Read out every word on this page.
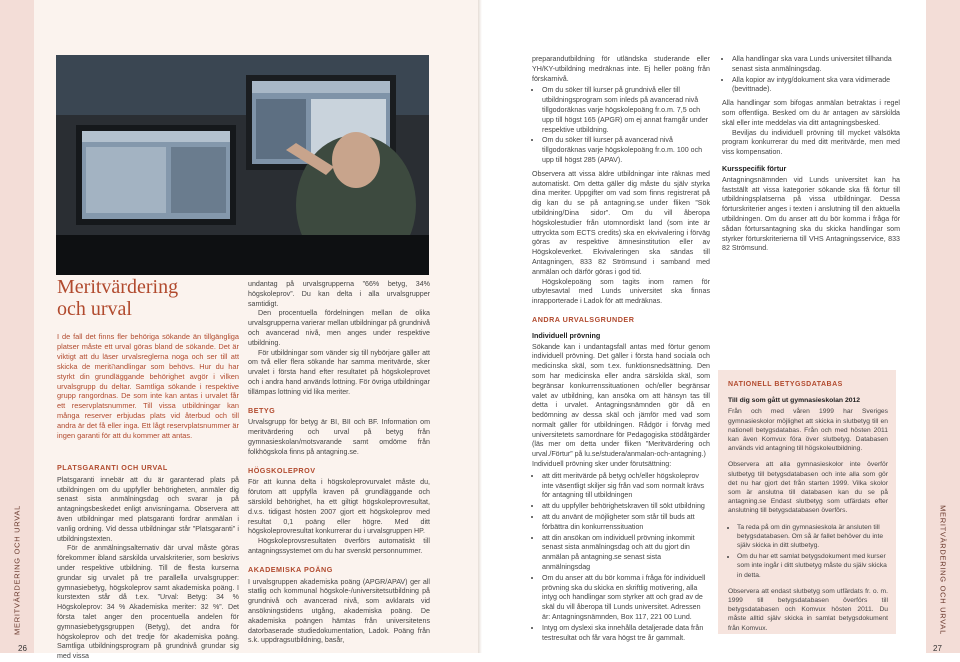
MERITVÄRDERING OCH URVAL	MERITVÄRDERING OCH URVAL
26	27
Meritvärdering
och urval
I de fall det finns fler behöriga sökande än tillgängliga platser måste ett urval göras bland de sökande. Det är viktigt att du läser urvalsreglerna noga och ser till att skicka de meritהandlingar som behövs. Hur du har styrkt din grundläggande behörighet avgör i vilken urvalsgrupp du deltar. Samtliga sökande i respektive grupp rangordnas. De som inte kan antas i urvalet får ett reservplatsnummer. Till vissa utbildningar kan många reserver erbjudas plats vid återbud och till andra är det få eller inga. Ett lågt reservplatsnummer är ingen garanti för att du kommer att antas.
PLATSGARANTI OCH URVAL

Platsgaranti innebär att du är garanterad plats på utbildningen om du uppfyller behörigheten, anmäler dig senast sista anmälningsdag och svarar ja på antagningsbeskedet enligt anvisningarna. Observera att även utbildningar med platsgaranti fordrar anmälan i vanlig ordning. Vid dessa utbildningar står ”Platsgaranti” i utbildningstexten.

För de anmälningsalternativ där urval måste göras förekommer ibland särskilda urvalskriterier, som beskrivs under respektive utbildning. Till de flesta kurserna grundar sig urvalet på tre parallella urvalsgrupper: gymnasiebetyg, högskoleprov samt akademiska poäng. I kurstexten står då t.ex. ”Urval: Betyg: 34 % Högskoleprov: 34 % Akademiska meriter: 32 %”. Det första talet anger den procentuella andelen för gymnasiebetygsgruppen (Betyg), det andra för högskoleprov och det tredje för akademiska poäng. Samtliga utbildningsprogram på grundnivå grundar sig med vissa

undantag på urvalsgrupperna ”66% betyg, 34% högskoleprov”. Du kan delta i alla urvalsgrupper samtidigt.

Den procentuella fördelningen mellan de olika urvalsgrupperna varierar mellan utbildningar på grundnivå och avancerad nivå, men anges under respektive utbildning.

För utbildningar som vänder sig till nybörjare gäller att om två eller flera sökande har samma meritvärde, sker urvalet i första hand efter resultatet på högskoleprovet och i andra hand används lottning. För övriga utbildningar tillämpas lottning vid lika meriter.

BETYG

Urvalsgrupp för betyg är BI, BII och BF. Information om meritvärdering och urval på betyg från gymnasieskolan/motsvarande samt omdöme från folkhögskola finns på antagning.se.

HÖGSKOLEPROV

För att kunna delta i högskoleprovurvalet måste du, förutom att uppfylla kraven på grundläggande och särskild behörighet, ha ett giltigt högskoleprovresultat, d.v.s. tidigast hösten 2007 gjort ett högskoleprov med resultat 0,1 poäng eller högre. Med ditt högskoleprovresultat konkurrerar du i urvalsgruppen HP.

Högskoleprovsresultaten överförs automatiskt till antagningssystemet om du har svenskt personnummer.

AKADEMISKA POÄNG

I urvalsgruppen akademiska poäng (APGR/APAV) ger all statlig och kommunal högskole-/universitetsutbildning på grundnivå och avancerad nivå, som avklarats vid ansökningstidens utgång, akademiska poäng. De akademiska poängen hämtas från universitetens datorbaserade studiedokumentation, Ladok. Poäng från s.k. uppdragsutbildning, basår,

preparandutbildning för utländska studerande eller YH/KY-utbildning medräknas inte. Ej heller poäng från förskarnivå.

• Om du söker till kurser på grundnivå eller till utbildningsprogram som inleds på avancerad nivå tillgodoräknas varje högskolepoäng fr.o.m. 7,5 och upp till högst 165 (APGR) om ej annat framgår under respektive utbildning.
• Om du söker till kurser på avancerad nivå tillgodoräknas varje högskolepoäng fr.o.m. 100 och upp till högst 285 (APAV).

Observera att vissa äldre utbildningar inte räknas med automatiskt. Om detta gäller dig måste du själv styrka dina meriter. Uppgifter om vad som finns registrerat på dig kan du se på antagning.se under fliken ”Sök utbildning/Dina sidor”. Om du vill åberopa högskolestudier från utomnordiskt land (som inte är uttryckta som ECTS credits) ska en ekvivalering i förväg göras av respektive ämnesinstitution eller av Högskoleverket. Ekvivaleringen ska sändas till Antagningen, 833 82 Strömsund i samband med anmälan och därför göras i god tid.

Högskolepoäng som tagits inom ramen för utbytesavtal med Lunds universitet ska finnas inrapporterade i Ladok för att medräknas.

ANDRA URVALSGRUNDER
Individuell prövning

Sökande kan i undantagsfall antas med förtur genom individuell prövning. Det gäller i första hand sociala och medicinska skäl, som t.ex. funktionsnedsättning. Den som har medicinska eller andra särskilda skäl, som begränsar konkurrenssituationen och/eller begränsar valet av utbildning, kan ansöka om att hänsyn tas till detta i urvalet. Antagningsnämnden gör då en bedömning av dessa skäl och jämför med vad som normalt gäller för utbildningen. Rådgör i förväg med universitetets samordnare för Pedagogiska stödåtgärder (läs mer om detta under fliken ”Meritvärdering och urval./Förtur” på lu.se/studera/anmalan-och-antagning.)

Individuell prövning sker under förutsättning:

• att ditt meritvärde på betyg och/eller högskoleprov inte väsentligt skiljer sig från vad som normalt krävs för antagning till utbildningen
• att du uppfyller behörighetskraven till sökt utbildning
• att du använt de möjligheter som står till buds att förbättra din konkurrenssituation
• att din ansökan om individuell prövning inkommit senast sista anmälningsdag och att du gjort din anmälan på antagning.se senast sista anmälningsdag
• Om du anser att du bör komma i fråga för individuell prövning ska du skicka en skriftlig motivering, alla intyg och handlingar som styrker att och grad av de skäl du vill åberopa till Lunds universitet. Adressen är: Antagningsnämnden, Box 117, 221 00 Lund.
• Intyg om dyslexi ska innehålla detaljerade data från testresultat och får vara högst tre år gammalt.
• Alla handlingar ska vara Lunds universitet tillhanda senast sista anmälningsdag.
• Alla kopior av intyg/dokument ska vara vidimerade (bevittnade).

Alla handlingar som bifogas anmälan betraktas i regel som offentliga. Besked om du är antagen av särskilda skäl eller inte meddelas via ditt antagningsbesked.

Beviljas du individuell prövning till mycket välsökta program konkurrerar du med ditt meritvärde, men med viss kompensation.

Kursspecifik förtur

Antagningsnämnden vid Lunds universitet kan ha fastställt att vissa kategorier sökande ska få förtur till utbildningsplatserna på vissa utbildningar. Dessa förturskriterier anges i texten i anslutning till den aktuella utbildningen. Om du anser att du bör komma i fråga för sådan förtursantagning ska du skicka handlingar som styrker förturskriterierna till VHS Antagningsservice, 833 82 Strömsund.

NATIONELL BETYGSDATABAS
Till dig som gått ut gymnasieskolan 2012

Från och med våren 1999 har Sveriges gymnasieskolor möjlighet att skicka in slutbetyg till en nationell betygsdatabas. Från och med hösten 2011 kan även Komvux föra över slutbetyg. Databasen används vid antagning till högskoleutbildning.

Observera att alla gymnasieskolor inte överför slutbetyg till betygsdatabasen och inte alla som gör det nu har gjort det från starten 1999. Vilka skolor som är anslutna till databasen kan du se på antagning.se Endast slutbetyg som utfärdats efter anslutning till betygsdatabasen överförs.

• Ta reda på om din gymnasieskola är ansluten till betygsdatabasen. Om så är fallet behöver du inte själv skicka in ditt slutbetyg.
• Om du har ett samlat betygsdokument med kurser som inte ingår i ditt slutbetyg måste du själv skicka in detta.

Observera att endast slutbetyg som utfärdats fr. o. m. 1999 till betygsdatabasen överförs till betygsdatabasen och Komvux hösten 2011. Du måste alltid själv skicka in samlat betygsdokument från Komvux.
